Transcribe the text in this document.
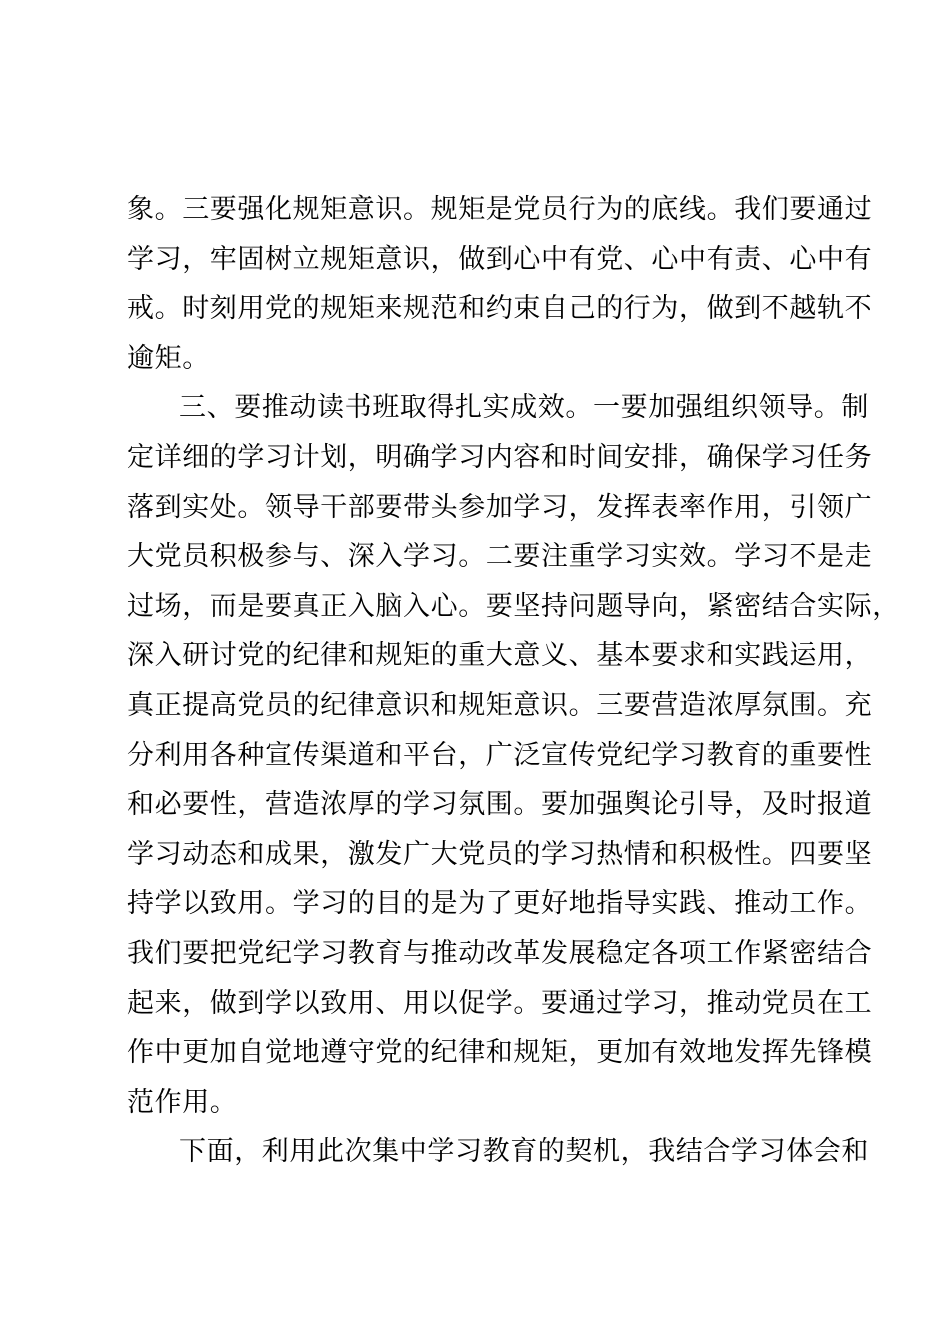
象。三要强化规矩意识。规矩是党员行为的底线。我们要通过
学习，牢固树立规矩意识，做到心中有党、心中有责、心中有
戒。时刻用党的规矩来规范和约束自己的行为，做到不越轨不
逾矩。
三、要推动读书班取得扎实成效。一要加强组织领导。制
定详细的学习计划，明确学习内容和时间安排，确保学习任务
落到实处。领导干部要带头参加学习，发挥表率作用，引领广
大党员积极参与、深入学习。二要注重学习实效。学习不是走
过场，而是要真正入脑入心。要坚持问题导向，紧密结合实际，
深入研讨党的纪律和规矩的重大意义、基本要求和实践运用，
真正提高党员的纪律意识和规矩意识。三要营造浓厚氛围。充
分利用各种宣传渠道和平台，广泛宣传党纪学习教育的重要性
和必要性，营造浓厚的学习氛围。要加强舆论引导，及时报道
学习动态和成果，激发广大党员的学习热情和积极性。四要坚
持学以致用。学习的目的是为了更好地指导实践、推动工作。
我们要把党纪学习教育与推动改革发展稳定各项工作紧密结合
起来，做到学以致用、用以促学。要通过学习，推动党员在工
作中更加自觉地遵守党的纪律和规矩，更加有效地发挥先锋模
范作用。
下面，利用此次集中学习教育的契机，我结合学习体会和
